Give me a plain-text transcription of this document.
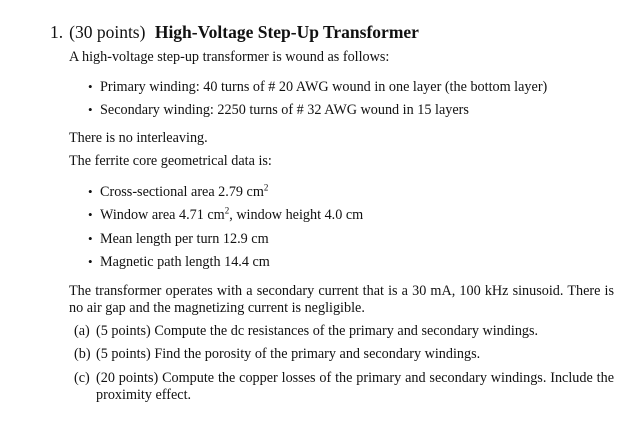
1. (30 points) High-Voltage Step-Up Transformer
A high-voltage step-up transformer is wound as follows:
• Primary winding: 40 turns of # 20 AWG wound in one layer (the bottom layer)
• Secondary winding: 2250 turns of # 32 AWG wound in 15 layers
There is no interleaving.
The ferrite core geometrical data is:
• Cross-sectional area 2.79 $cm^2$
• Window area 4.71 $cm^2$, window height 4.0 cm
• Mean length per turn 12.9 cm
• Magnetic path length 14.4 cm
The transformer operates with a secondary current that is a 30 mA, 100 kHz sinusoid. There is no air gap and the magnetizing current is negligible.
(a) (5 points) Compute the dc resistances of the primary and secondary windings.
(b) (5 points) Find the porosity of the primary and secondary windings.
(c) (20 points) Compute the copper losses of the primary and secondary windings. Include the proximity effect.
